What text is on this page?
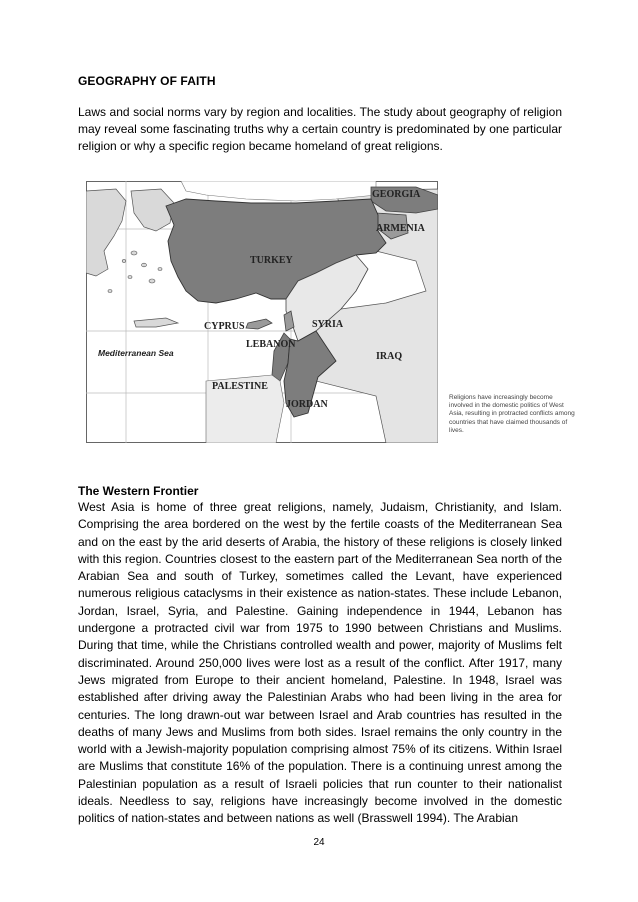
GEOGRAPHY OF FAITH
Laws and social norms vary by region and localities. The study about geography of religion may reveal some fascinating truths why a certain country is predominated by one particular religion or why a specific region became homeland of great religions.
GEORGIA
ARMENIA
TURKEY
CYPRUS	SYRIA
LEBANON
Mediterranean Sea	IRAQ
PALESTINE
JORDAN
Religions have increasingly become involved in the domestic politics of West Asia, resulting in protracted conflicts among countries that have claimed thousands of lives.
The Western Frontier
West Asia is home of three great religions, namely, Judaism, Christianity, and Islam. Comprising the area bordered on the west by the fertile coasts of the Mediterranean Sea and on the east by the arid deserts of Arabia, the history of these religions is closely linked with this region. Countries closest to the eastern part of the Mediterranean Sea north of the Arabian Sea and south of Turkey, sometimes called the Levant, have experienced numerous religious cataclysms in their existence as nation-states. These include Lebanon, Jordan, Israel, Syria, and Palestine. Gaining independence in 1944, Lebanon has undergone a protracted civil war from 1975 to 1990 between Christians and Muslims. During that time, while the Christians controlled wealth and power, majority of Muslims felt discriminated. Around 250,000 lives were lost as a result of the conflict. After 1917, many Jews migrated from Europe to their ancient homeland, Palestine. In 1948, Israel was established after driving away the Palestinian Arabs who had been living in the area for centuries. The long drawn-out war between Israel and Arab countries has resulted in the deaths of many Jews and Muslims from both sides. Israel remains the only country in the world with a Jewish-majority population comprising almost 75% of its citizens. Within Israel are Muslims that constitute 16% of the population. There is a continuing unrest among the Palestinian population as a result of Israeli policies that run counter to their nationalist ideals. Needless to say, religions have increasingly become involved in the domestic politics of nation-states and between nations as well (Brasswell 1994). The Arabian
24
